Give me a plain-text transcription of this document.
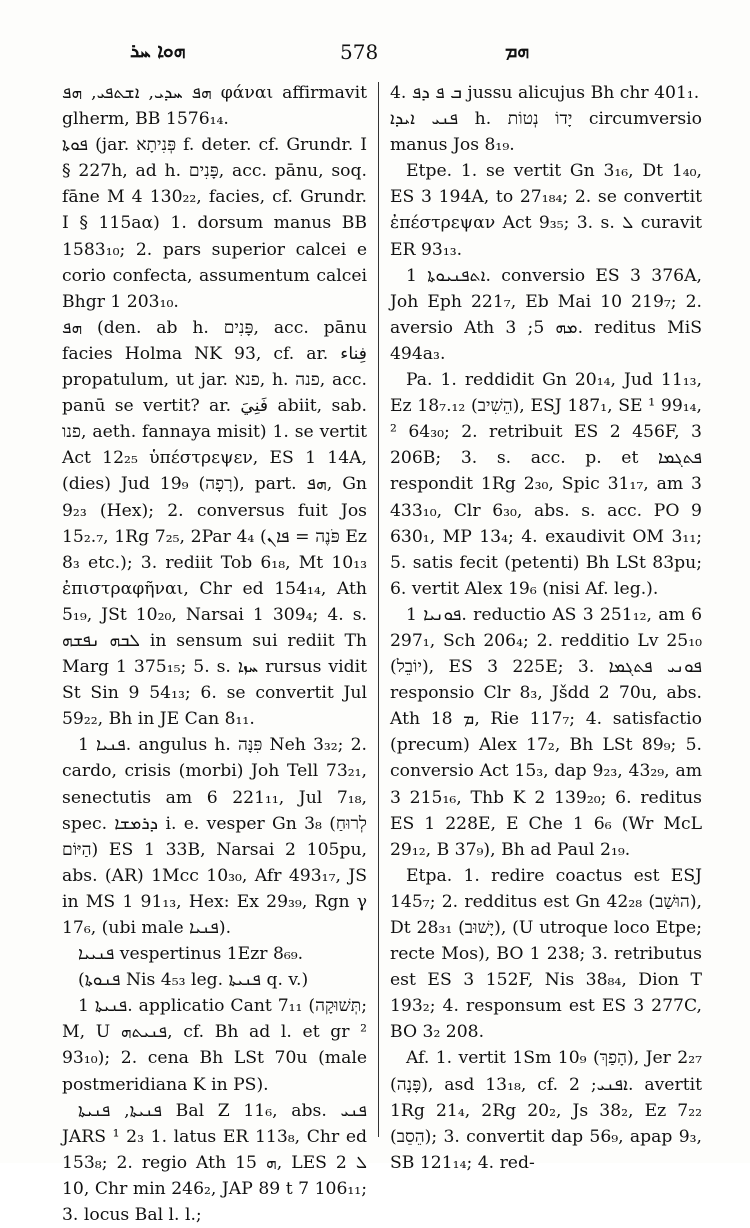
ܗܘܐ ܚܪ	578	ܗܡ

ܗܦ ܚܕܝ, ܐܫܬܦܝ, ܗܦ φάναι affirmavit glherm, BB 1576₁₄.

ܦܘܬܐ (jar. פְּנִיתָא f. deter. cf. Grundr. I § 227h, ad h. פָּנִים, acc. pānu, soq. fāne M 4 130₂₂, facies, cf. Grundr. I § 115aα) 1. dorsum manus BB 1583₁₀; 2. pars superior calcei e corio confecta, assumentum calcei Bhgr 1 203₁₀.

ܗܦ (den. ab h. פָּנִים, acc. pānu facies Holma NK 93, cf. ar. فِناء propatulum, ut jar. פנא, h. פנה, acc. panū se vertit? ar. فَنِيَ abiit, sab. פנו, aeth. fannaya misit) 1. se vertit Act 12₂₅ ὑπέστρεψεν, ES 1 14A, (dies) Jud 19₉ (רָפָה), part. ܗܦ, Gn 9₂₃ (Hex); 2. conversus fuit Jos 15₂.₇, 1Rg 7₂₅, 2Par 4₄ (פֹּנֶה = ܦܐܢ Ez 8₃ etc.); 3. rediit Tob 6₁₈, Mt 10₁₃ ἐπιστραφῆναι, Chr ed 154₁₄, Ath 5₁₉, JSt 10₂₀, Narsai 1 309₄; 4. s. ܠܒܗ ܢܦܫܗ in sensum sui rediit Th Marg 1 375₁₅; 5. s. ܚܙܐ rursus vidit St Sin 9 54₁₃; 6. se convertit Jul 59₂₂, Bh in JE Can 8₁₁.

ܦܢܝܐ 1. angulus h. פִּנָּה Neh 3₃₂; 2. cardo, crisis (morbi) Joh Tell 73₂₁, senectutis am 6 221₁₁, Jul 7₁₈, spec. ܕܪܡܫܐ i. e. vesper Gn 3₈ (לְרוּחַ הַיּוֹם) ES 1 33B, Narsai 2 105pu, abs. (AR) 1Mcc 10₃₀, Afr 493₁₇, JS in MS 1 91₁₃, Hex: Ex 29₃₉, Rgn γ 17₆, (ubi male ܦܢܝܐ).

ܦܢܝܝܐ vespertinus 1Ezr 8₆₉.

(ܦܢܘܬܐ Nis 4₅₃ leg. ܦܢܝܬܐ q. v.)

ܦܢܝܬܐ 1. applicatio Cant 7₁₁ (תְּשׁוּקָה; M, U ܦܢܝܬܗ, cf. Bh ad l. et gr ² 93₁₀); 2. cena Bh LSt 70u (male postmeridiana K in PS).

ܦܢܝܬܐ, ܦܢܝܬܐ Bal Z 11₆, abs. ܦܢܝ JARS ¹ 2₃ 1. latus ER 113₈, Chr ed 153₈; 2. regio Ath ܗ 15, LES 2 ܠ 10, Chr min 246₂, JAP 89 t 7 106₁₁; 3. locus Bal l. l.;

4. ܒ ܦ ܕܦ jussu alicujus Bh chr 401₁.

ܦܢܝ ܐܝܕܐ h. יָדוֹ נְטוֹת circumversio manus Jos 8₁₉.

Etpe. 1. se vertit Gn 3₁₆, Dt 1₄₀, ES 3 194A, to 27₁₈₄; 2. se convertit ἐπέστρεψαν Act 9₃₅; 3. s. ܠ curavit ER 93₁₃.

ܐܬܦܢܝܘܬܐ 1. conversio ES 3 376A, Joh Eph 221₇, Eb Mai 10 219₇; 2. aversio Ath ܡܗ 5; 3. reditus MiS 494a₃.

Pa. 1. reddidit Gn 20₁₄, Jud 11₁₃, Ez 18₇.₁₂ (הֵשִׁיב), ESJ 187₁, SE ¹ 99₁₄, ² 64₃₀; 2. retribuit ES 2 456F, 3 206B; 3. s. acc. p. et ܦܬܓܡܐ respondit 1Rg 2₃₀, Spic 31₁₇, am 3 433₁₀, Clr 6₃₀, abs. s. acc. PO 9 630₁, MP 13₄; 4. exaudivit OM 3₁₁; 5. satis fecit (petenti) Bh LSt 83pu; 6. vertit Alex 19₆ (nisi Af. leg.).

ܦܘܢܝܐ 1. reductio AS 3 251₁₂, am 6 297₁, Sch 206₄; 2. redditio Lv 25₁₀ (יוֹבֵל), ES 3 225E; 3. ܦܘܢܝ ܦܬܓܡܐ responsio Clr 8₃, Jšdd 2 70u, abs. Ath ܡ 18, Rie 117₇; 4. satisfactio (precum) Alex 17₂, Bh LSt 89₉; 5. conversio Act 15₃, dap 9₂₃, 43₂₉, am 3 215₁₆, Thb K 2 139₂₀; 6. reditus ES 1 228E, E Che 1 6₆ (Wr McL 29₁₂, B 37₉), Bh ad Paul 2₁₉.

Etpa. 1. redire coactus est ESJ 145₇; 2. redditus est Gn 42₂₈ (הוּשַׁב), Dt 28₃₁ (יָשׁוּב), (U utroque loco Etpe; recte Mos), BO 1 238; 3. retributus est ES 3 152F, Nis 38₈₄, Dion T 193₂; 4. responsum est ES 3 277C, BO 3₂ 208.

Af. 1. vertit 1Sm 10₉ (הָפַךְ), Jer 2₂₇ (פָּנָה), asd 13₁₈, cf. ܐܦܢܝ; 2. avertit 1Rg 21₄, 2Rg 20₂, Js 38₂, Ez 7₂₂ (הֵסֵב); 3. convertit dap 56₉, apap 9₃, SB 121₁₄; 4. red-
